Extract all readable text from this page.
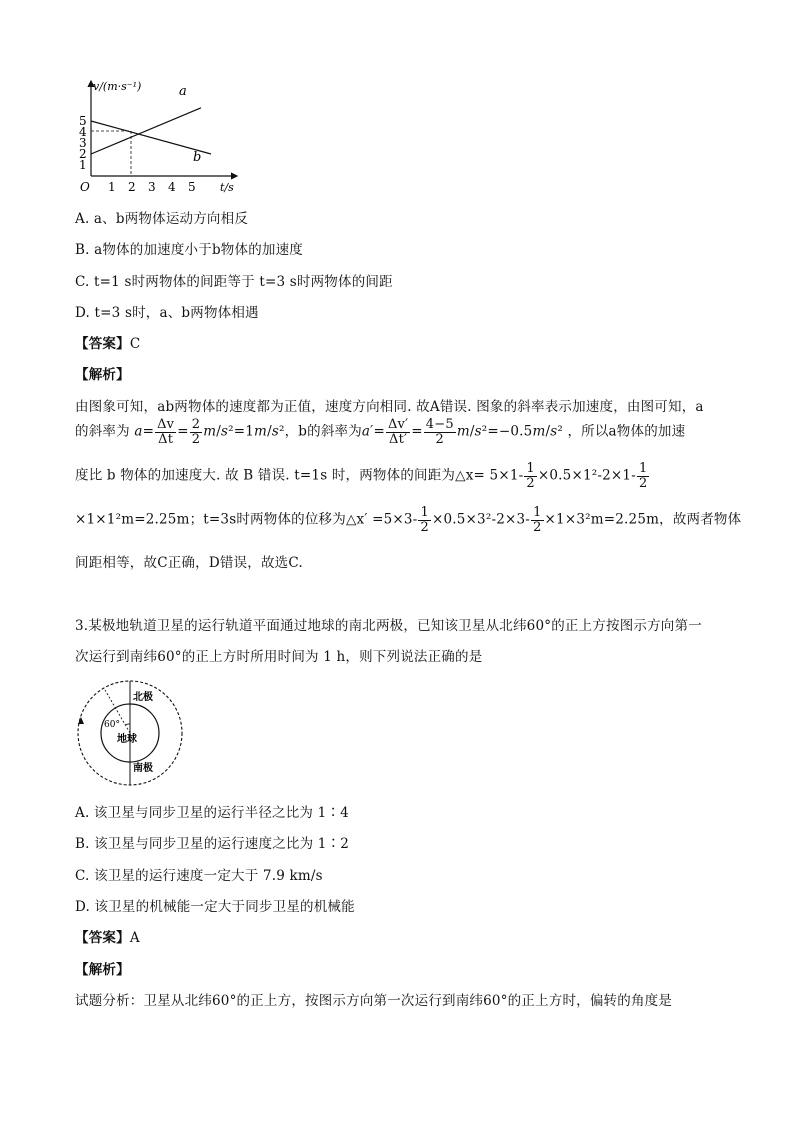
v/(m·s⁻¹)
t/s
O
a
b
1 2 3 4 5
1
2
3
4
5
A. a、b两物体运动方向相反
B. a物体的加速度小于b物体的加速度
C. t=1 s时两物体的间距等于 t=3 s时两物体的间距
D. t=3 s时，a、b两物体相遇
【答案】C
【解析】
由图象可知，ab两物体的速度都为正值，速度方向相同. 故A错误. 图象的斜率表示加速度，由图可知，a
的斜率为 $a= \frac{\Delta v}{\Delta t} = \frac{2}{2} m/s^2=1m/s^2$，b的斜率为$a'= \frac{\Delta v'}{\Delta t'} = \frac{4-5}{2} m/s^2=-0.5m/s^2$ ，所以a物体的加速
度比 b 物体的加速度大. 故 B 错误. t=1s 时，两物体的间距为△x= $5\times 1- \frac{1}{2} \times 0.5\times 1^2-2\times 1- \frac{1}{2}$
×1×1²m=2.25m；t=3s时两物体的位移为△x′ $=5\times 3- \frac{1}{2} \times 0.5\times 3^2-2\times 3- \frac{1}{2} \times 1\times 3^2m=2.25m$，故两者物体
间距相等，故C正确，D错误，故选C.
3.某极地轨道卫星的运行轨道平面通过地球的南北两极，已知该卫星从北纬60°的正上方按图示方向第一
次运行到南纬60°的正上方时所用时间为 1 h，则下列说法正确的是
北极
南极
地球
60°
A. 该卫星与同步卫星的运行半径之比为 1∶4
B. 该卫星与同步卫星的运行速度之比为 1∶2
C. 该卫星的运行速度一定大于 7.9 km/s
D. 该卫星的机械能一定大于同步卫星的机械能
【答案】A
【解析】
试题分析：卫星从北纬60°的正上方，按图示方向第一次运行到南纬60°的正上方时，偏转的角度是
